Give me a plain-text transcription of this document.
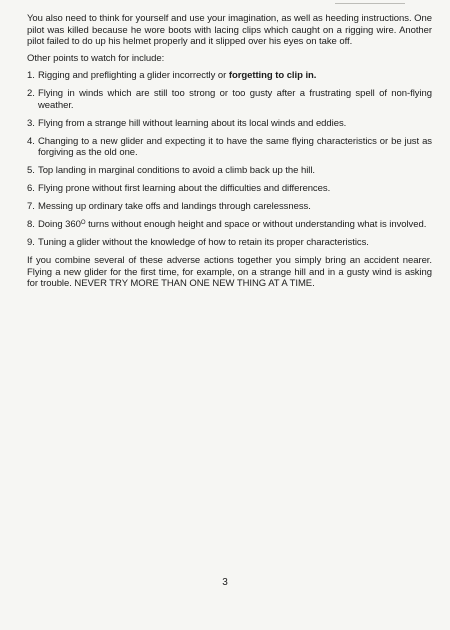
You also need to think for yourself and use your imagination, as well as heeding instructions. One pilot was killed because he wore boots with lacing clips which caught on a rigging wire. Another pilot failed to do up his helmet properly and it slipped over his eyes on take off.

Other points to watch for include:

1. Rigging and preflighting a glider incorrectly or forgetting to clip in.
2. Flying in winds which are still too strong or too gusty after a frustrating spell of non-flying weather.
3. Flying from a strange hill without learning about its local winds and eddies.
4. Changing to a new glider and expecting it to have the same flying characteristics or be just as forgiving as the old one.
5. Top landing in marginal conditions to avoid a climb back up the hill.
6. Flying prone without first learning about the difficulties and differences.
7. Messing up ordinary take offs and landings through carelessness.
8. Doing $360^O$ turns without enough height and space or without understanding what is involved.
9. Tuning a glider without the knowledge of how to retain its proper characteristics.

If you combine several of these adverse actions together you simply bring an accident nearer. Flying a new glider for the first time, for example, on a strange hill and in a gusty wind is asking for trouble. NEVER TRY MORE THAN ONE NEW THING AT A TIME.

3
